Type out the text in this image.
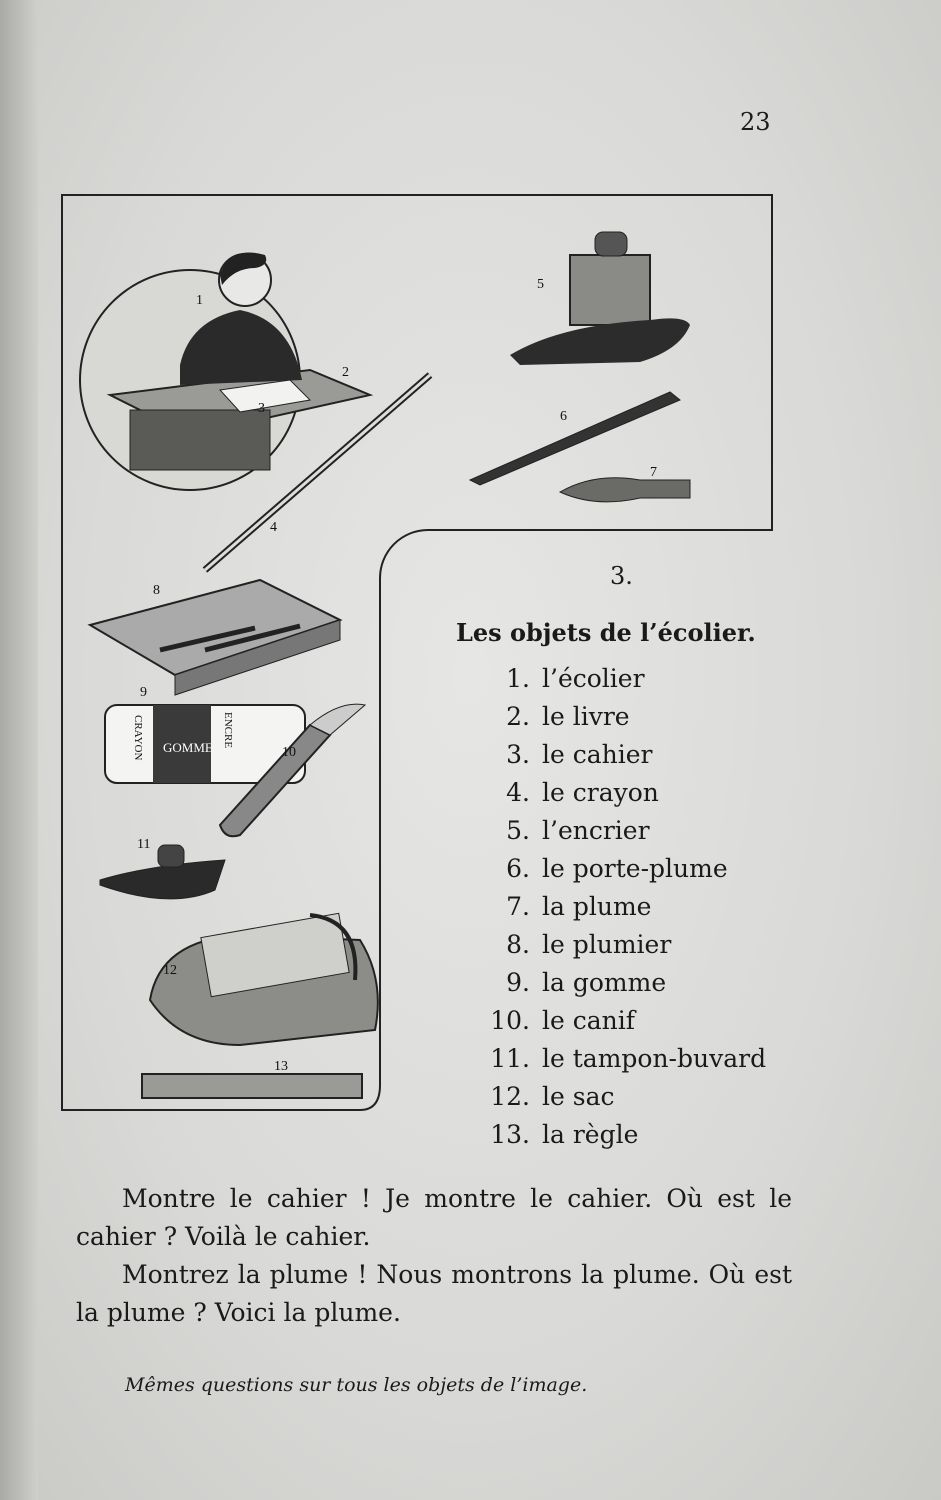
23
GOMME
CRAYON	ENCRE
1
2
3
4
5
6
7
8
9
10
11
12
13
3.
Les objets de l’écolier.
1. l’écolier
2. le livre
3. le cahier
4. le crayon
5. l’encrier
6. le porte-plume
7. la plume
8. le plumier
9. la gomme
10. le canif
11. le tampon-buvard
12. le sac
13. la règle

Montre le cahier ! Je montre le cahier. Où est le cahier ? Voilà le cahier.

Montrez la plume ! Nous montrons la plume. Où est la plume ? Voici la plume.

Mêmes questions sur tous les objets de l’image.
